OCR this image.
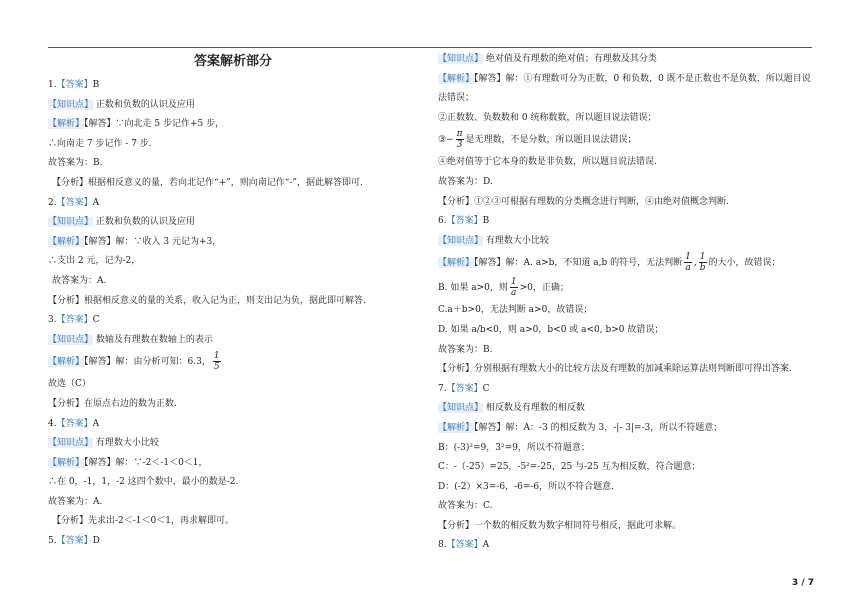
答案解析部分
1.【答案】B
【知识点】 正数和负数的认识及应用
【解析】【解答】∵向北走 5 步记作+5 步，
∴向南走 7 步记作 - 7 步.
故答案为：B.
【分析】根据相反意义的量，若向北记作“+”，则向南记作“-”，据此解答即可.
2.【答案】A
【知识点】 正数和负数的认识及应用
【解析】【解答】解：∵收入 3 元记为+3，
∴支出 2 元，记为-2，
故答案为：A.
【分析】根据相反意义的量的关系，收入记为正，则支出记为负，据此即可解答.
3.【答案】C
【知识点】 数轴及有理数在数轴上的表示
【解析】【解答】解：由分析可知：6.3， $\frac{1}{5}$
故选（C）
【分析】在原点右边的数为正数.
4.【答案】A
【知识点】 有理数大小比较
【解析】【解答】解：∵-2＜-1＜0＜1，
∴在 0，-1，1，-2 这四个数中，最小的数是-2.
故答案为：A.
【分析】先求出-2＜-1＜0＜1，再求解即可。
5.【答案】D
【知识点】 绝对值及有理数的绝对值；有理数及其分类
【解析】【解答】解：①有理数可分为正数，0 和负数，0 既不是正数也不是负数，所以题目说
法错误；
②正数数、负数数和 0 统称数数，所以题目说法错误；
③− $\frac{\pi}{3}$ 是无理数，不是分数，所以题目说法错误；
④绝对值等于它本身的数是非负数，所以题目说法错误.
故答案为：D.
【分析】①②③可根据有理数的分类概念进行判断，④由绝对值概念判断.
6.【答案】B
【知识点】 有理数大小比较
【解析】【解答】解：A. a>b，不知道 a,b 的符号，无法判断 $\frac{1}{a}$ , $\frac{1}{b}$ 的大小，故错误；
B. 如果 a>0，则 $\frac{1}{a} >0$，正确；
C.a＋b>0，无法判断 a>0，故错误；
D. 如果 a/b<0，则 a>0，b<0 或 a<0, b>0 故错误；
故答案为：B.
【分析】分别根据有理数大小的比较方法及有理数的加减乘除运算法则判断即可得出答案.
7.【答案】C
【知识点】 相反数及有理数的相反数
【解析】【解答】解：A：-3 的相反数为 3，-|- 3|=-3，所以不符题意；
B：(-3)²=9，3²=9，所以不符题意；
C：-（-25）=25，-5²=-25，25 与-25 互为相反数，符合题意；
D：(-2）×3=-6，-6=-6，所以不符合题意.
故答案为：C.
【分析】一个数的相反数为数字相同符号相反，据此可求解。
8.【答案】A
3 / 7
